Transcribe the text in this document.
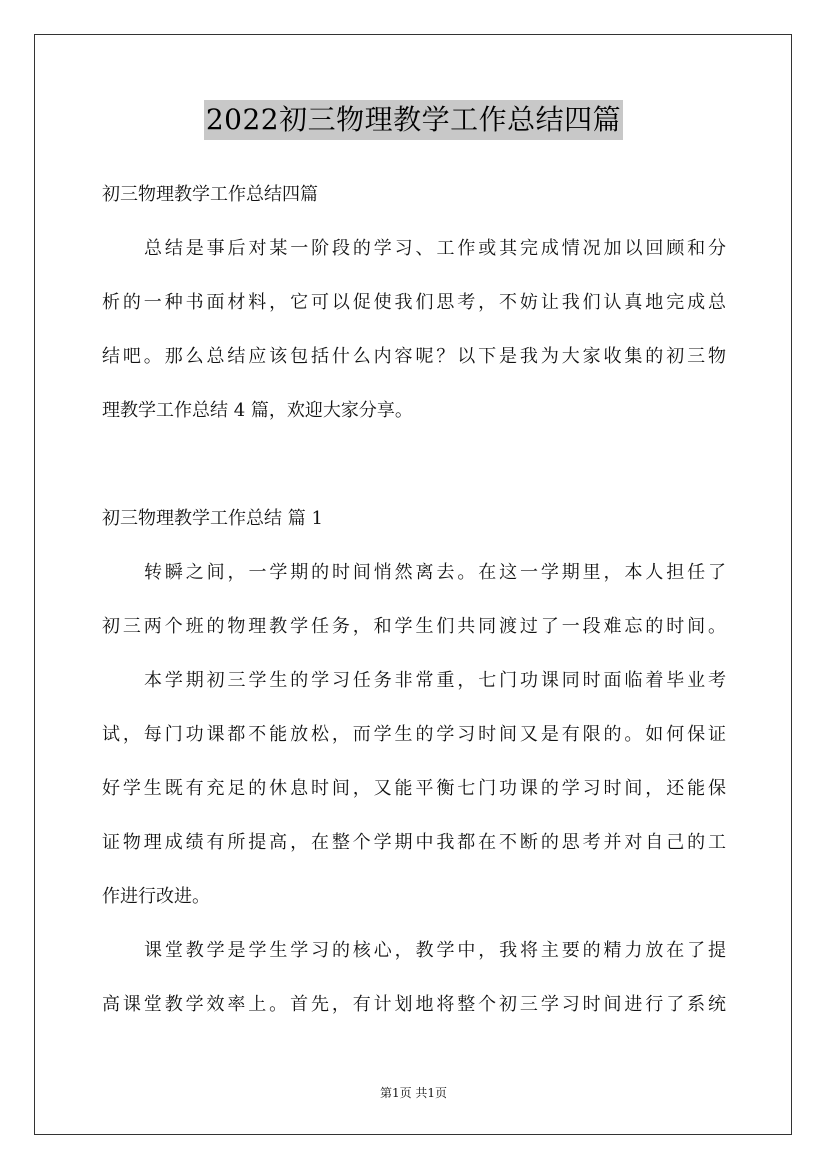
2022初三物理教学工作总结四篇
初三物理教学工作总结四篇
总结是事后对某一阶段的学习、工作或其完成情况加以回顾和分
析的一种书面材料，它可以促使我们思考，不妨让我们认真地完成总
结吧。那么总结应该包括什么内容呢？以下是我为大家收集的初三物
理教学工作总结 4 篇，欢迎大家分享。
初三物理教学工作总结 篇 1
转瞬之间，一学期的时间悄然离去。在这一学期里，本人担任了
初三两个班的物理教学任务，和学生们共同渡过了一段难忘的时间。
本学期初三学生的学习任务非常重，七门功课同时面临着毕业考
试，每门功课都不能放松，而学生的学习时间又是有限的。如何保证
好学生既有充足的休息时间，又能平衡七门功课的学习时间，还能保
证物理成绩有所提高，在整个学期中我都在不断的思考并对自己的工
作进行改进。
课堂教学是学生学习的核心，教学中，我将主要的精力放在了提
高课堂教学效率上。首先，有计划地将整个初三学习时间进行了系统
第1页 共1页
